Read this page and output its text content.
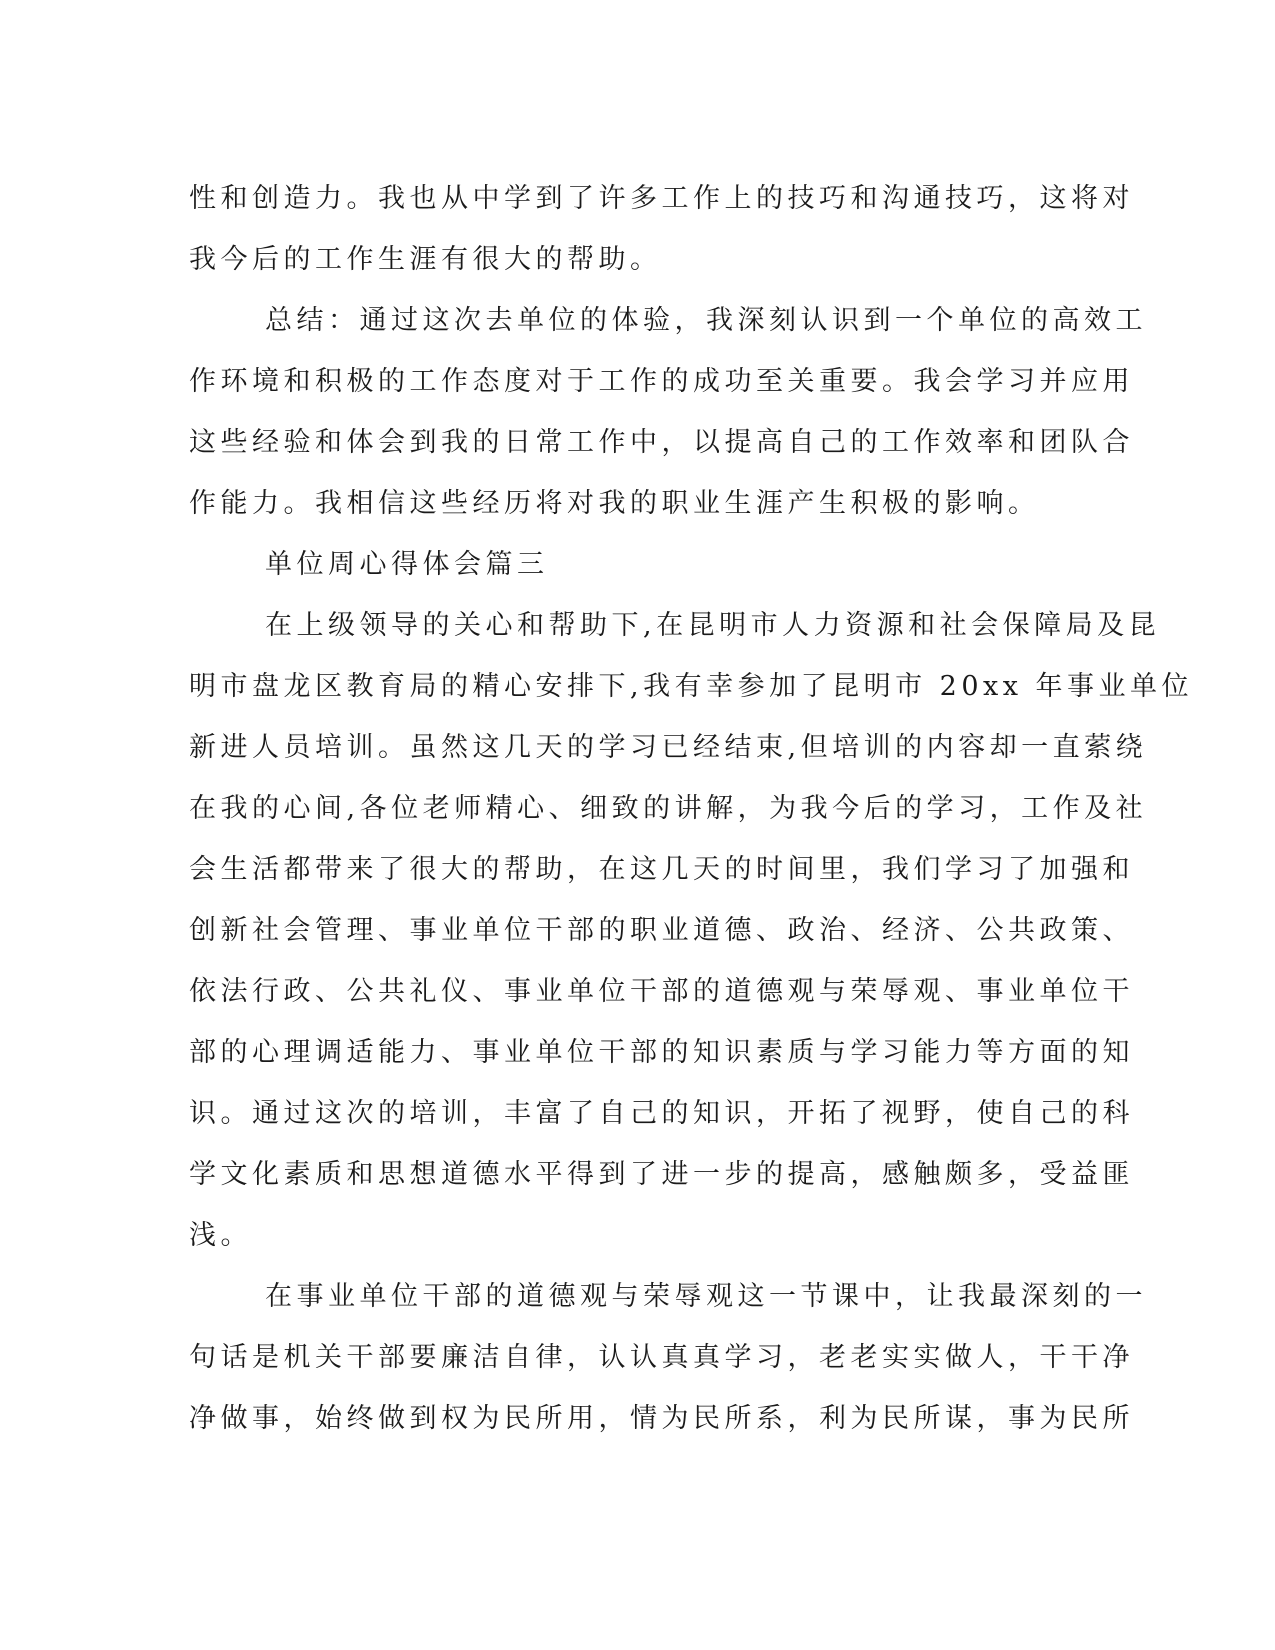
性和创造力。我也从中学到了许多工作上的技巧和沟通技巧，这将对
我今后的工作生涯有很大的帮助。
总结：通过这次去单位的体验，我深刻认识到一个单位的高效工
作环境和积极的工作态度对于工作的成功至关重要。我会学习并应用
这些经验和体会到我的日常工作中，以提高自己的工作效率和团队合
作能力。我相信这些经历将对我的职业生涯产生积极的影响。
单位周心得体会篇三
在上级领导的关心和帮助下,在昆明市人力资源和社会保障局及昆
明市盘龙区教育局的精心安排下,我有幸参加了昆明市 20xx 年事业单位
新进人员培训。虽然这几天的学习已经结束,但培训的内容却一直萦绕
在我的心间,各位老师精心、细致的讲解，为我今后的学习，工作及社
会生活都带来了很大的帮助，在这几天的时间里，我们学习了加强和
创新社会管理、事业单位干部的职业道德、政治、经济、公共政策、
依法行政、公共礼仪、事业单位干部的道德观与荣辱观、事业单位干
部的心理调适能力、事业单位干部的知识素质与学习能力等方面的知
识。通过这次的培训，丰富了自己的知识，开拓了视野，使自己的科
学文化素质和思想道德水平得到了进一步的提高，感触颇多，受益匪
浅。
在事业单位干部的道德观与荣辱观这一节课中，让我最深刻的一
句话是机关干部要廉洁自律，认认真真学习，老老实实做人，干干净
净做事，始终做到权为民所用，情为民所系，利为民所谋，事为民所
